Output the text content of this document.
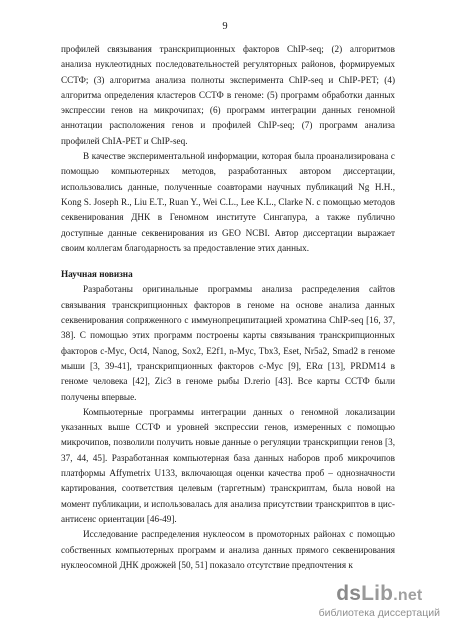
9

профилей связывания транскрипционных факторов ChIP-seq; (2) алгоритмов анализа нуклеотидных последовательностей регуляторных районов, формируемых ССТФ; (3) алгоритма анализа полноты эксперимента ChIP-seq и ChIP-PET; (4) алгоритма определения кластеров ССТФ в геноме: (5) программ обработки данных экспрессии генов на микрочипах; (6) программ интеграции данных геномной аннотации расположения генов и профилей ChIP-seq; (7) программ анализа профилей ChIA-PET и ChIP-seq.

В качестве экспериментальной информации, которая была проанализирована с помощью компьютерных методов, разработанных автором диссертации, использовались данные, полученные соавторами научных публикаций Ng H.H., Kong S. Joseph R., Liu E.T., Ruan Y., Wei C.L., Lee K.L., Clarke N. с помощью методов секвенирования ДНК в Геномном институте Сингапура, а также публично доступные данные секвенирования из GEO NCBI. Автор диссертации выражает своим коллегам благодарность за предоставление этих данных.

Научная новизна

Разработаны оригинальные программы анализа распределения сайтов связывания транскрипционных факторов в геноме на основе анализа данных секвенирования сопряженного с иммунопреципитацией хроматина ChIP-seq [16, 37, 38]. С помощью этих программ построены карты связывания транскрипционных факторов c-Myc, Oct4, Nanog, Sox2, E2f1, n-Myc, Tbx3, Eset, Nr5a2, Smad2 в геноме мыши [3, 39-41], транскрипционных факторов c-Myc [9], ERα [13], PRDM14 в геноме человека [42], Zic3 в геноме рыбы D.rerio [43]. Все карты ССТФ были получены впервые.

Компьютерные программы интеграции данных о геномной локализации указанных выше ССТФ и уровней экспрессии генов, измеренных с помощью микрочипов, позволили получить новые данные о регуляции транскрипции генов [3, 37, 44, 45]. Разработанная компьютерная база данных наборов проб микрочипов платформы Affymetrix U133, включающая оценки качества проб – однозначности картирования, соответствия целевым (таргетным) транскриптам, была новой на момент публикации, и использовалась для анализа присутствии транскриптов в цис-антисенс ориентации [46-49].

Исследование распределения нуклеосом в промоторных районах с помощью собственных компьютерных программ и анализа данных прямого секвенирования нуклеосомной ДНК дрожжей [50, 51] показало отсутствие предпочтения к

dsLib.net
библиотека диссертаций
